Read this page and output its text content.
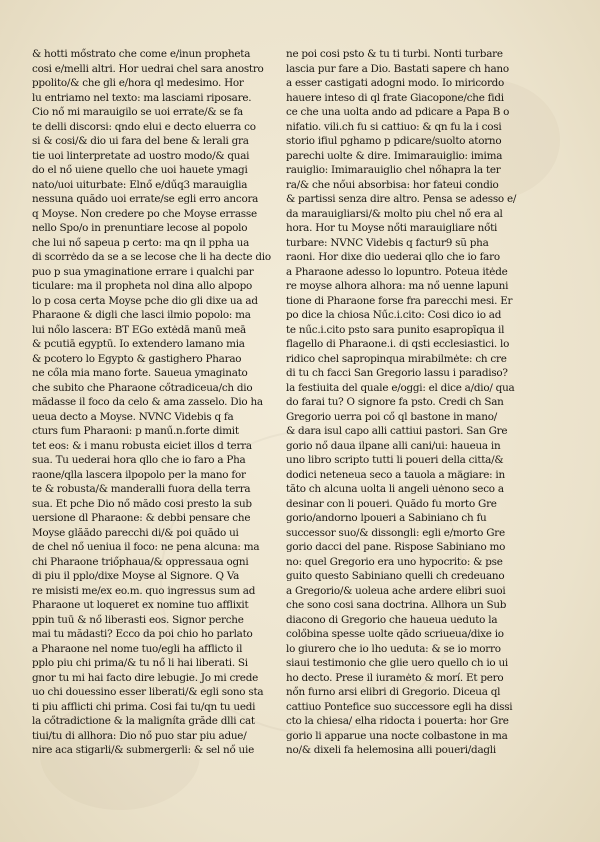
& hotti mőstrato che come e/inun propheta
cosi e/melli altri. Hor uedrai chel sara anostro
ppolito/& che gli e/hora ql medesimo. Hor
lu entriamo nel texto: ma lasciami riposare.
Cio nő mi marauigilo se uoi errate/& se fa
te delli discorsi: qndo elui e decto eluerra co
si & cosi/& dio ui fara del bene & lerali gra
tie uoi linterpretate ad uostro modo/& quai
do el nő uiene quello che uoi hauete ymagi
nato/uoi uiturbate: Elnő e/dűq3 marauiglia
nessuna quădo uoi errate/se egli erro ancora
q Moyse. Non credere po che Moyse errasse
nello Spo/o in prenuntiare lecose al popolo
che lui nő sapeua p certo: ma qn il ppha ua
di scorrėdo da se a se lecose che li ha decte dio
puo p sua ymaginatione errare i qualchi par
ticulare: ma il propheta nol dina allo alpopo
lo p cosa certa Moyse pche dio gli dixe ua ad
Pharaone & digli che lasci ilmio popolo: ma
lui nőlo lascera: BT EGo extėdā manū meā
& pcutiā egyptū. Io extendero lamano mia
& pcotero lo Egypto & gastighero Pharao
ne cőla mia mano forte. Saueua ymaginato
che subito che Pharaone cőtradiceua/ch dio
mădasse il foco da celo & ama zasselo. Dio ha
ueua decto a Moyse. NVNC Videbis q fa
cturs fum Pharaoni: p manű.n.forte dimit
tet eos: & i manu robusta eiciet illos d terra
sua. Tu uederai hora qllo che io faro a Pha
raone/qlla lascera ilpopolo per la mano for
te & robusta/& manderalli fuora della terra
sua. Et pche Dio nő mădo cosi presto la sub
uersione dl Pharaone: & debbi pensare che
Moyse glăădo parecchi di/& poi quădo ui
de chel nő ueniua il foco: ne pena alcuna: ma
chi Pharaone triőphaua/& oppressaua ogni
di piu il pplo/dixe Moyse al Signore. Q Va
re misisti me/ex eo.m. quo ingressus sum ad
Pharaone ut loqueret ex nomine tuo afflixit
ppin tuū & nő liberasti eos. Signor perche
mai tu mădasti? Ecco da poi chio ho parlato
a Pharaone nel nome tuo/egli ha afflicto il
pplo piu chi prima/& tu nő li hai liberati. Si
gnor tu mi hai facto dire lebugie. Jo mi crede
uo chi douessino esser liberati/& egli sono sta
ti piu afflicti chi prima. Cosi fai tu/qn tu uedi
la cőtradictione & la maligníta grăde dlli cat
tiui/tu di allhora: Dio nő puo star piu adue/
nire aca stigarli/& submergerli: & sel nő uie
ne poi cosi psto & tu ti turbi. Nonti turbare
lascia pur fare a Dio. Bastati sapere ch hano
a esser castigati adogni modo. Io miricordo
hauere inteso di ql frate Giacopone/che fidi
ce che una uolta ando ad pdicare a Papa B o
nifatio. vili.ch fu si cattiuo: & qn fu la i cosi
storio ifiul pghamo p pdicare/suolto atorno
parechi uolte & dire. Imimarauiglio: imima
rauiglio: Imimarauiglio chel nőhapra la ter
ra/& che nőui absorbisa: hor fateui condio
& partissi senza dire altro. Pensa se adesso e/
da marauigliarsi/& molto piu chel nő era al
hora. Hor tu Moyse nőti marauigliare nőti
turbare: NVNC Videbis q factur9 sũ pha
raoni. Hor dixe dio uederai qllo che io faro
a Pharaone adesso lo lopuntro. Poteua itėde
re moyse alhora alhora: ma nő uenne lapuni
tione di Pharaone forse fra parecchi mesi. Er
po dice la chiosa Nűc.i.cito: Cosi dico io ad
te nűc.i.cito psto sara punito esapropīqua il
flagello di Pharaone.i. di qsti ecclesiastici. lo
ridico chel sapropinqua mirabilmėte: ch cre
di tu ch facci San Gregorio lassu i paradiso?
la festiuita del quale e/oggi: el dice a/dio/ qua
do farai tu? O signore fa psto. Credi ch San
Gregorio uerra poi cő ql bastone in mano/
& dara isul capo alli cattiui pastori. San Gre
gorio nő daua ilpane alli cani/ui: haueua in
uno libro scripto tutti li poueri della citta/&
dodici neteneua seco a tauola a mägiare: in
tăto ch alcuna uolta li angeli uėnono seco a
desinar con li poueri. Quădo fu morto Gre
gorio/andorno lpoueri a Sabiniano ch fu
successor suo/& dissongli: egli e/morto Gre
gorio dacci del pane. Rispose Sabiniano mo
no: quel Gregorio era uno hypocrito: & pse
guito questo Sabiniano quelli ch credeuano
a Gregorio/& uoleua ache ardere elibri suoi
che sono cosi sana doctrina. Allhora un Sub
diacono di Gregorio che haueua ueduto la
colőbina spesse uolte qădo scriueua/dixe io
lo giurero che io lho ueduta: & se io morro
siaui testimonio che glie uero quello ch io ui
ho decto. Prese il iuramėto & morí. Et pero
nőn furno arsi elibri di Gregorio. Diceua ql
cattiuo Pontefice suo successore egli ha dissi
cto la chiesa/ elha ridocta i pouerta: hor Gre
gorio li apparue una nocte colbastone in ma
no/& dixeli fa helemosina alli poueri/dagli
